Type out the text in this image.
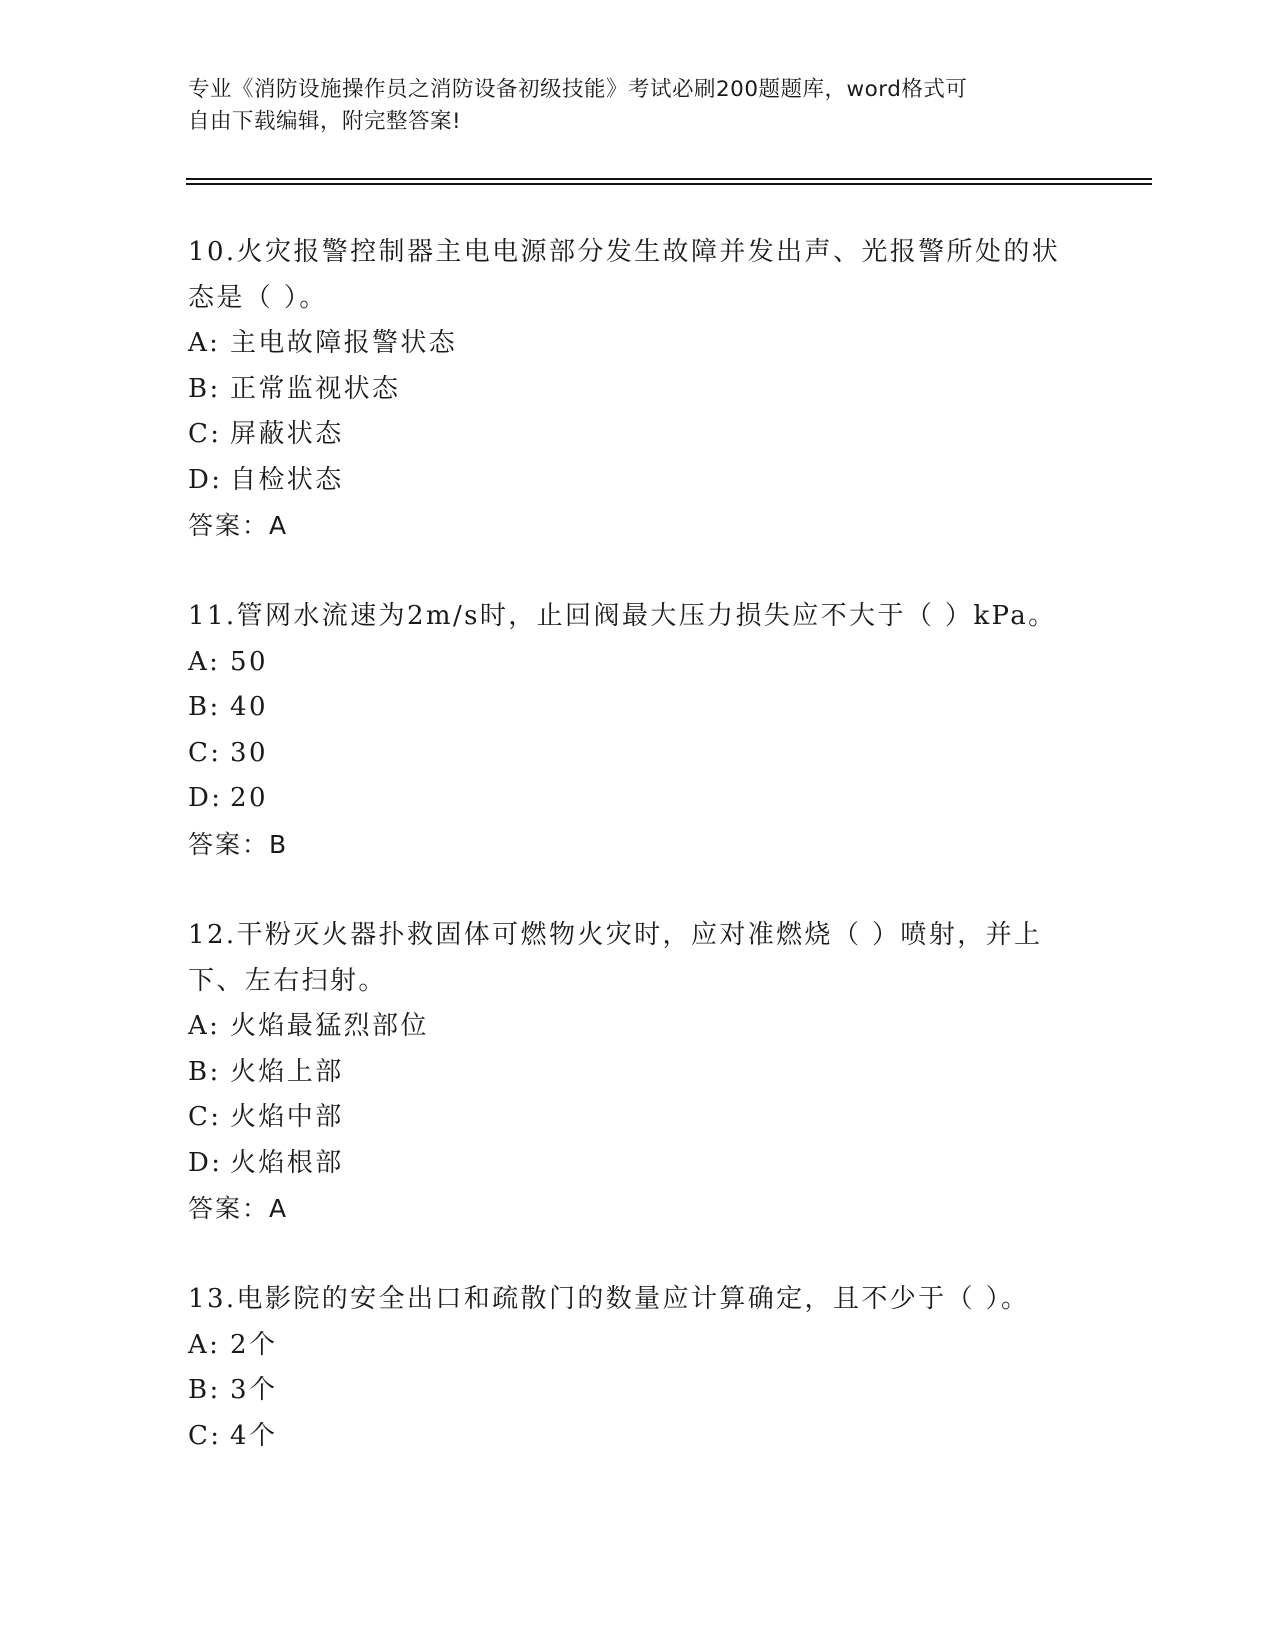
专业《消防设施操作员之消防设备初级技能》考试必刷200题题库，word格式可

自由下载编辑，附完整答案!

10.火灾报警控制器主电电源部分发生故障并发出声、光报警所处的状
态是（ ）。
A: 主电故障报警状态
B: 正常监视状态
C: 屏蔽状态
D: 自检状态
答案：A
11.管网水流速为2m/s时，止回阀最大压力损失应不大于（ ）kPa。
A: 50
B: 40
C: 30
D: 20
答案：B
12.干粉灭火器扑救固体可燃物火灾时，应对准燃烧（ ）喷射，并上
下、左右扫射。
A: 火焰最猛烈部位
B: 火焰上部
C: 火焰中部
D: 火焰根部
答案：A
13.电影院的安全出口和疏散门的数量应计算确定，且不少于（ ）。
A: 2个
B: 3个
C: 4个
